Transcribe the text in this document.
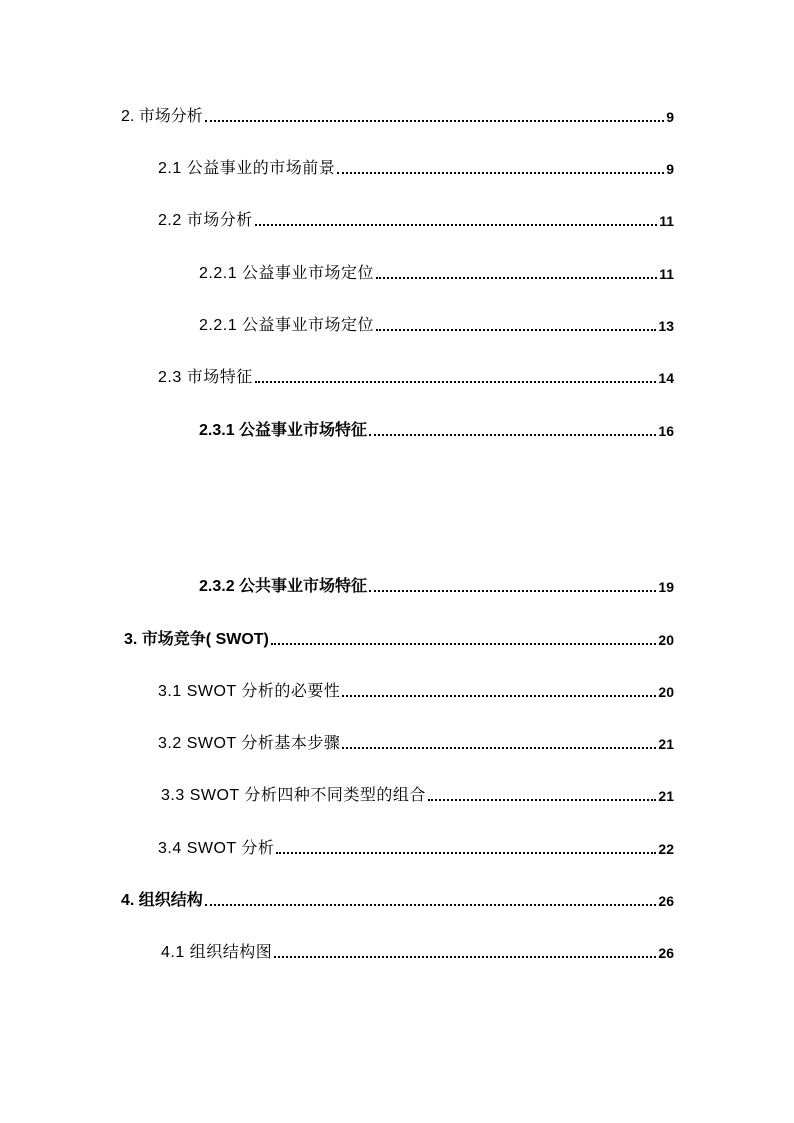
2. 市场分析	9
2.1 公益事业的市场前景	9
2.2 市场分析	11
2.2.1 公益事业市场定位	11
2.2.1 公益事业市场定位	13
2.3 市场特征	14
2.3.1 公益事业市场特征	16
2.3.2 公共事业市场特征	19
3. 市场竞争( SWOT)	20
3.1 SWOT 分析的必要性	20
3.2 SWOT 分析基本步骤	21
3.3 SWOT 分析四种不同类型的组合	21
3.4 SWOT 分析	22
4. 组织结构	26
4.1 组织结构图	26
